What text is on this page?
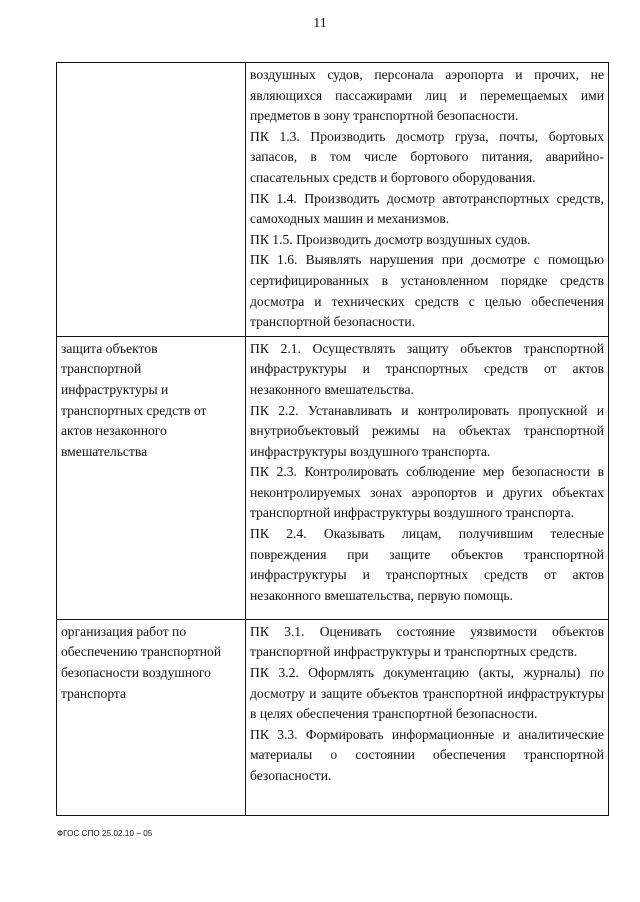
11

	воздушных судов, персонала аэропорта и прочих, не являющихся пассажирами лиц и перемещаемых ими предметов в зону транспортной безопасности.

ПК 1.3. Производить досмотр груза, почты, бортовых запасов, в том числе бортового питания, аварийно-спасательных средств и бортового оборудования.

ПК 1.4. Производить досмотр автотранспортных средств, самоходных машин и механизмов.

ПК 1.5. Производить досмотр воздушных судов.

ПК 1.6. Выявлять нарушения при досмотре с помощью сертифицированных в установленном порядке средств досмотра и технических средств с целью обеспечения транспортной безопасности.

защита объектов транспортной инфраструктуры и транспортных средств от актов незаконного вмешательства	ПК 2.1. Осуществлять защиту объектов транспортной инфраструктуры и транспортных средств от актов незаконного вмешательства.

ПК 2.2. Устанавливать и контролировать пропускной и внутриобъектовый режимы на объектах транспортной инфраструктуры воздушного транспорта.

ПК 2.3. Контролировать соблюдение мер безопасности в неконтролируемых зонах аэропортов и других объектах транспортной инфраструктуры воздушного транспорта.

ПК 2.4. Оказывать лицам, получившим телесные повреждения при защите объектов транспортной инфраструктуры и транспортных средств от актов незаконного вмешательства, первую помощь.

организация работ по обеспечению транспортной безопасности воздушного транспорта	ПК 3.1. Оценивать состояние уязвимости объектов транспортной инфраструктуры и транспортных средств.

ПК 3.2. Оформлять документацию (акты, журналы) по досмотру и защите объектов транспортной инфраструктуры в целях обеспечения транспортной безопасности.

ПК 3.3. Формировать информационные и аналитические материалы о состоянии обеспечения транспортной безопасности.

ФГОС СПО 25.02.10 – 05
